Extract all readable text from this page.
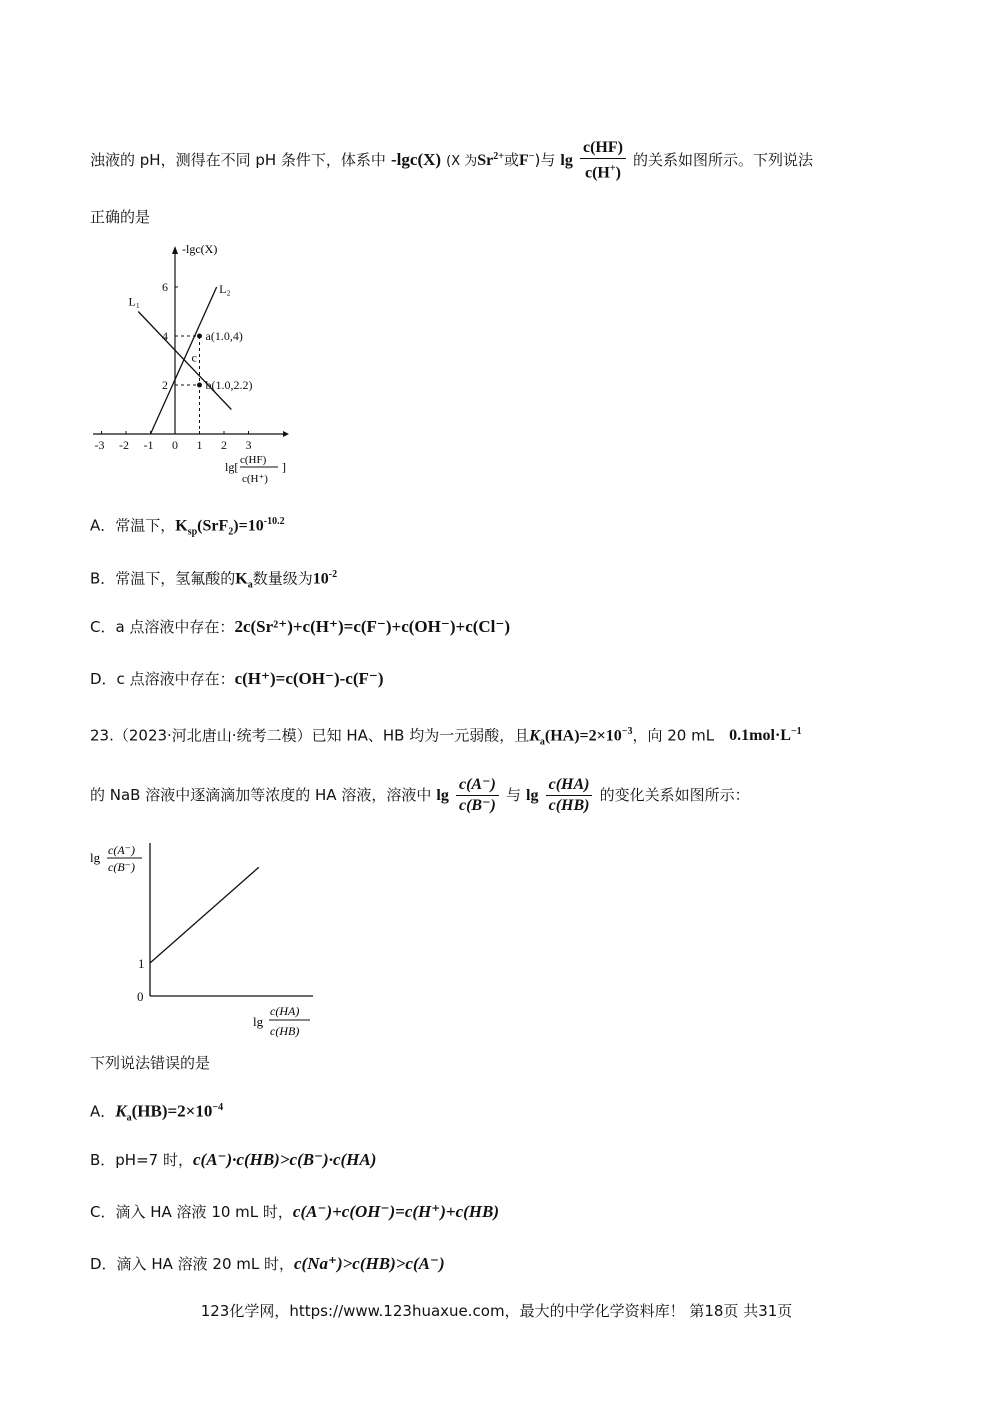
浊液的 pH，测得在不同 pH 条件下，体系中 -lgc(X) (X 为$Sr^{2+}$或F−)与 $\lg \frac{c(HF)}{c(H^+)}$ 的关系如图所示。下列说法
正确的是
-3 -2 -1 0 1 2 3
2
4
6
L₁
L₂
a(1.0,4)
b(1.0,2.2)
c
-lgc(X)
lg[ c(HF)
c(H⁺)
]
A．常温下，$K_{sp}(SrF_2)=10^{-10.2}$
B．常温下，氢氟酸的$K_a$数量级为$10^{-2}$
C．a 点溶液中存在：2c(Sr²⁺)+c(H⁺)=c(F⁻)+c(OH⁻)+c(Cl⁻)
D．c 点溶液中存在：c(H⁺)=c(OH⁻)-c(F⁻)
23.（2023·河北唐山·统考二模）已知 HA、HB 均为一元弱酸，且$K_a(HA)=2\times 10^{-3}$，向 20 mL $0.1mol\cdot L^{-1}$
的 NaB 溶液中逐滴滴加等浓度的 HA 溶液，溶液中 $\lg \frac{c(A^-)}{c(B^-)}$ 与 $\lg \frac{c(HA)}{c(HB)}$ 的变化关系如图所示：
0
1
lg c(A⁻)
c(B⁻)
lg
c(HA)
c(HB)
下列说法错误的是
A．$K_a(HB)=2\times 10^{-4}$
B．pH=7 时，c(A⁻)·c(HB)>c(B⁻)·c(HA)
C．滴入 HA 溶液 10 mL 时，c(A⁻)+c(OH⁻)=c(H⁺)+c(HB)
D．滴入 HA 溶液 20 mL 时，c(Na⁺)>c(HB)>c(A⁻)
123化学网，https://www.123huaxue.com，最大的中学化学资料库！ 第18页 共31页
